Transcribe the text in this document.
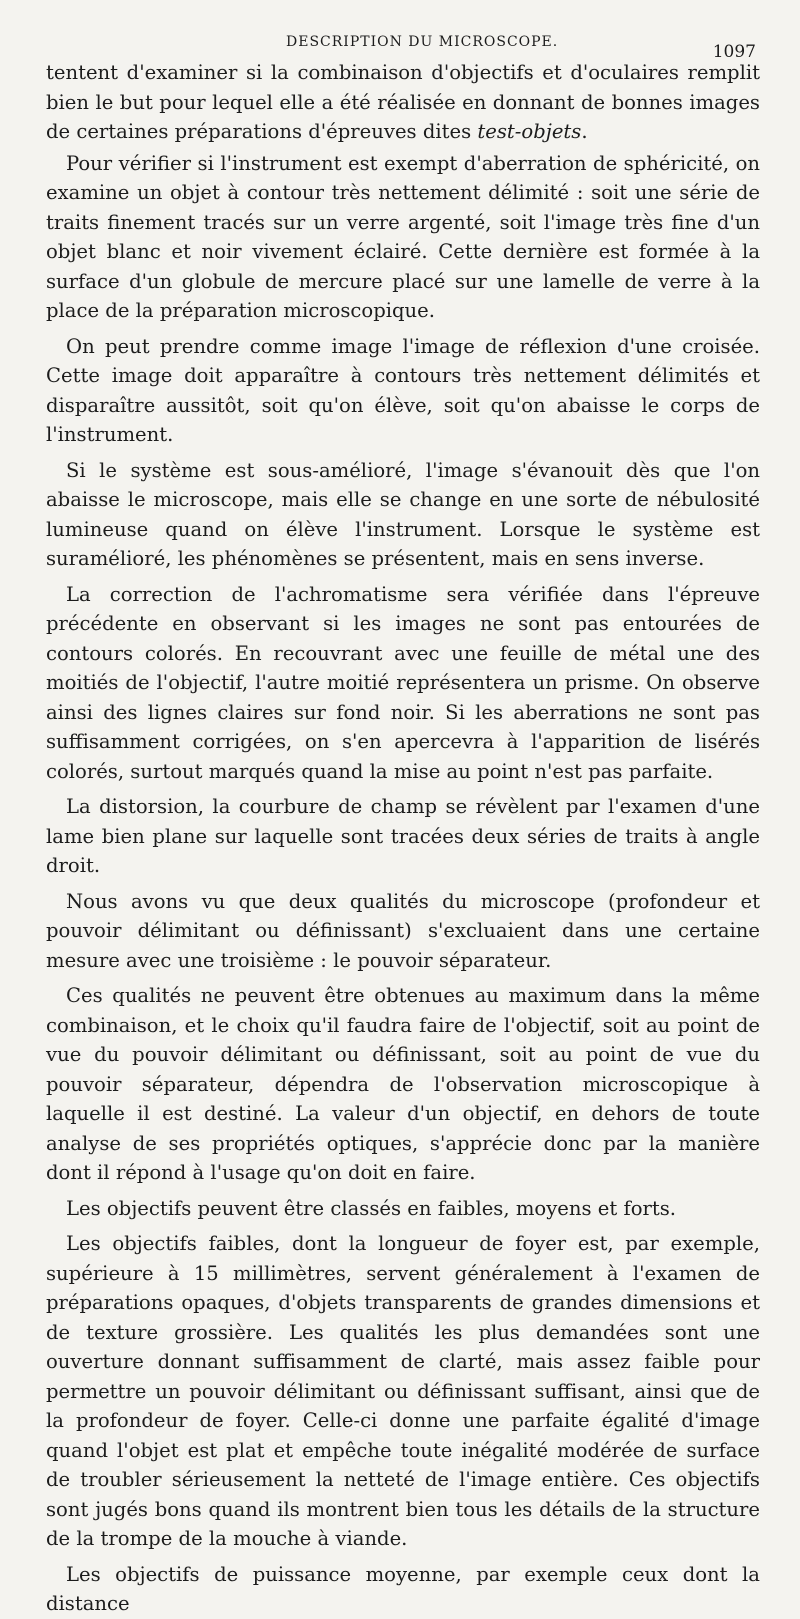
DESCRIPTION DU MICROSCOPE.	1097

tentent d'examiner si la combinaison d'objectifs et d'oculaires remplit bien le but pour lequel elle a été réalisée en donnant de bonnes images de certaines préparations d'épreuves dites test-objets.

Pour vérifier si l'instrument est exempt d'aberration de sphéricité, on examine un objet à contour très nettement délimité : soit une série de traits finement tracés sur un verre argenté, soit l'image très fine d'un objet blanc et noir vivement éclairé. Cette dernière est formée à la surface d'un globule de mercure placé sur une lamelle de verre à la place de la préparation microscopique.

On peut prendre comme image l'image de réflexion d'une croisée. Cette image doit apparaître à contours très nettement délimités et disparaître aussitôt, soit qu'on élève, soit qu'on abaisse le corps de l'instrument.

Si le système est sous-amélioré, l'image s'évanouit dès que l'on abaisse le microscope, mais elle se change en une sorte de nébulosité lumineuse quand on élève l'instrument. Lorsque le système est suramélioré, les phénomènes se présentent, mais en sens inverse.

La correction de l'achromatisme sera vérifiée dans l'épreuve précédente en observant si les images ne sont pas entourées de contours colorés. En recouvrant avec une feuille de métal une des moitiés de l'objectif, l'autre moitié représentera un prisme. On observe ainsi des lignes claires sur fond noir. Si les aberrations ne sont pas suffisamment corrigées, on s'en apercevra à l'apparition de lisérés colorés, surtout marqués quand la mise au point n'est pas parfaite.

La distorsion, la courbure de champ se révèlent par l'examen d'une lame bien plane sur laquelle sont tracées deux séries de traits à angle droit.

Nous avons vu que deux qualités du microscope (profondeur et pouvoir délimitant ou définissant) s'excluaient dans une certaine mesure avec une troisième : le pouvoir séparateur.

Ces qualités ne peuvent être obtenues au maximum dans la même combinaison, et le choix qu'il faudra faire de l'objectif, soit au point de vue du pouvoir délimitant ou définissant, soit au point de vue du pouvoir séparateur, dépendra de l'observation microscopique à laquelle il est destiné. La valeur d'un objectif, en dehors de toute analyse de ses propriétés optiques, s'apprécie donc par la manière dont il répond à l'usage qu'on doit en faire.

Les objectifs peuvent être classés en faibles, moyens et forts.

Les objectifs faibles, dont la longueur de foyer est, par exemple, supérieure à 15 millimètres, servent généralement à l'examen de préparations opaques, d'objets transparents de grandes dimensions et de texture grossière. Les qualités les plus demandées sont une ouverture donnant suffisamment de clarté, mais assez faible pour permettre un pouvoir délimitant ou définissant suffisant, ainsi que de la profondeur de foyer. Celle-ci donne une parfaite égalité d'image quand l'objet est plat et empêche toute inégalité modérée de surface de troubler sérieusement la netteté de l'image entière. Ces objectifs sont jugés bons quand ils montrent bien tous les détails de la structure de la trompe de la mouche à viande.

Les objectifs de puissance moyenne, par exemple ceux dont la distance
